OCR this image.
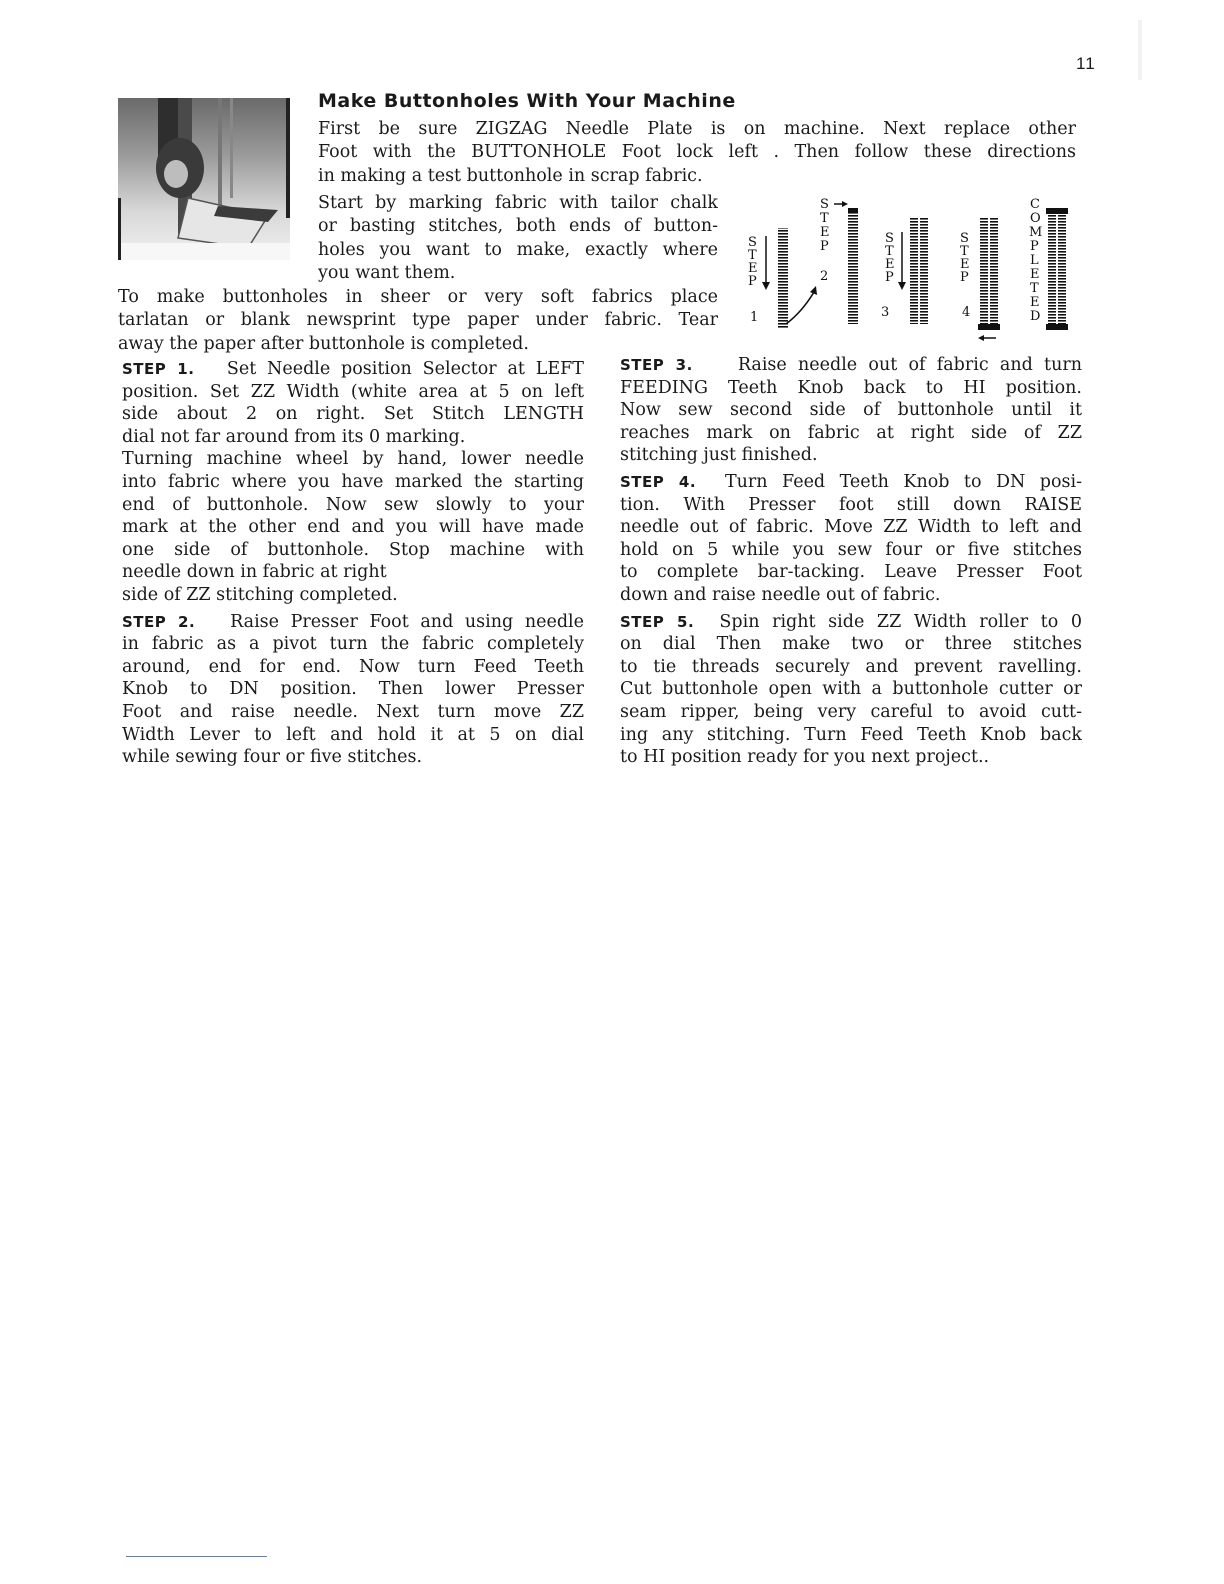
11
Make Buttonholes With Your Machine
First be sure ZIGZAG Needle Plate is on machine. Next replace other
Foot with the BUTTONHOLE Foot lock left . Then follow these directions
in making a test buttonhole in scrap fabric.
Start by marking fabric with tailor chalk
or basting stitches, both ends of button-
holes you want to make, exactly where
you want them.
To make buttonholes in sheer or very soft fabrics place
tarlatan or blank newsprint type paper under fabric. Tear
away the paper after buttonhole is completed.
S
T
E
P
1
S
T
E
P
2
S
T
E
P
3
S
T
E
P
4
C
O
M
P
L
E
T
E
D
STEP 1. Set Needle position Selector at LEFT
position. Set ZZ Width (white area at 5 on left
side about 2 on right. Set Stitch LENGTH
dial not far around from its 0 marking.
Turning machine wheel by hand, lower needle
into fabric where you have marked the starting
end of buttonhole. Now sew slowly to your
mark at the other end and you will have made
one side of buttonhole. Stop machine with
needle down in fabric at right
side of ZZ stitching completed.
STEP 2. Raise Presser Foot and using needle
in fabric as a pivot turn the fabric completely
around, end for end. Now turn Feed Teeth
Knob to DN position. Then lower Presser
Foot and raise needle. Next turn move ZZ
Width Lever to left and hold it at 5 on dial
while sewing four or five stitches.
STEP 3.	Raise needle out of fabric and turn
FEEDING Teeth Knob back to HI position.
Now sew second side of buttonhole until it
reaches mark on fabric at right side of ZZ
stitching just finished.
STEP 4. Turn Feed Teeth Knob to DN posi-
tion. With Presser foot still down RAISE
needle out of fabric. Move ZZ Width to left and
hold on 5 while you sew four or five stitches
to complete bar-tacking. Leave Presser Foot
down and raise needle out of fabric.
STEP 5. Spin right side ZZ Width roller to 0
on dial Then make two or three stitches
to tie threads securely and prevent ravelling.
Cut buttonhole open with a buttonhole cutter or
seam ripper, being very careful to avoid cutt-
ing any stitching. Turn Feed Teeth Knob back
to HI position ready for you next project..
